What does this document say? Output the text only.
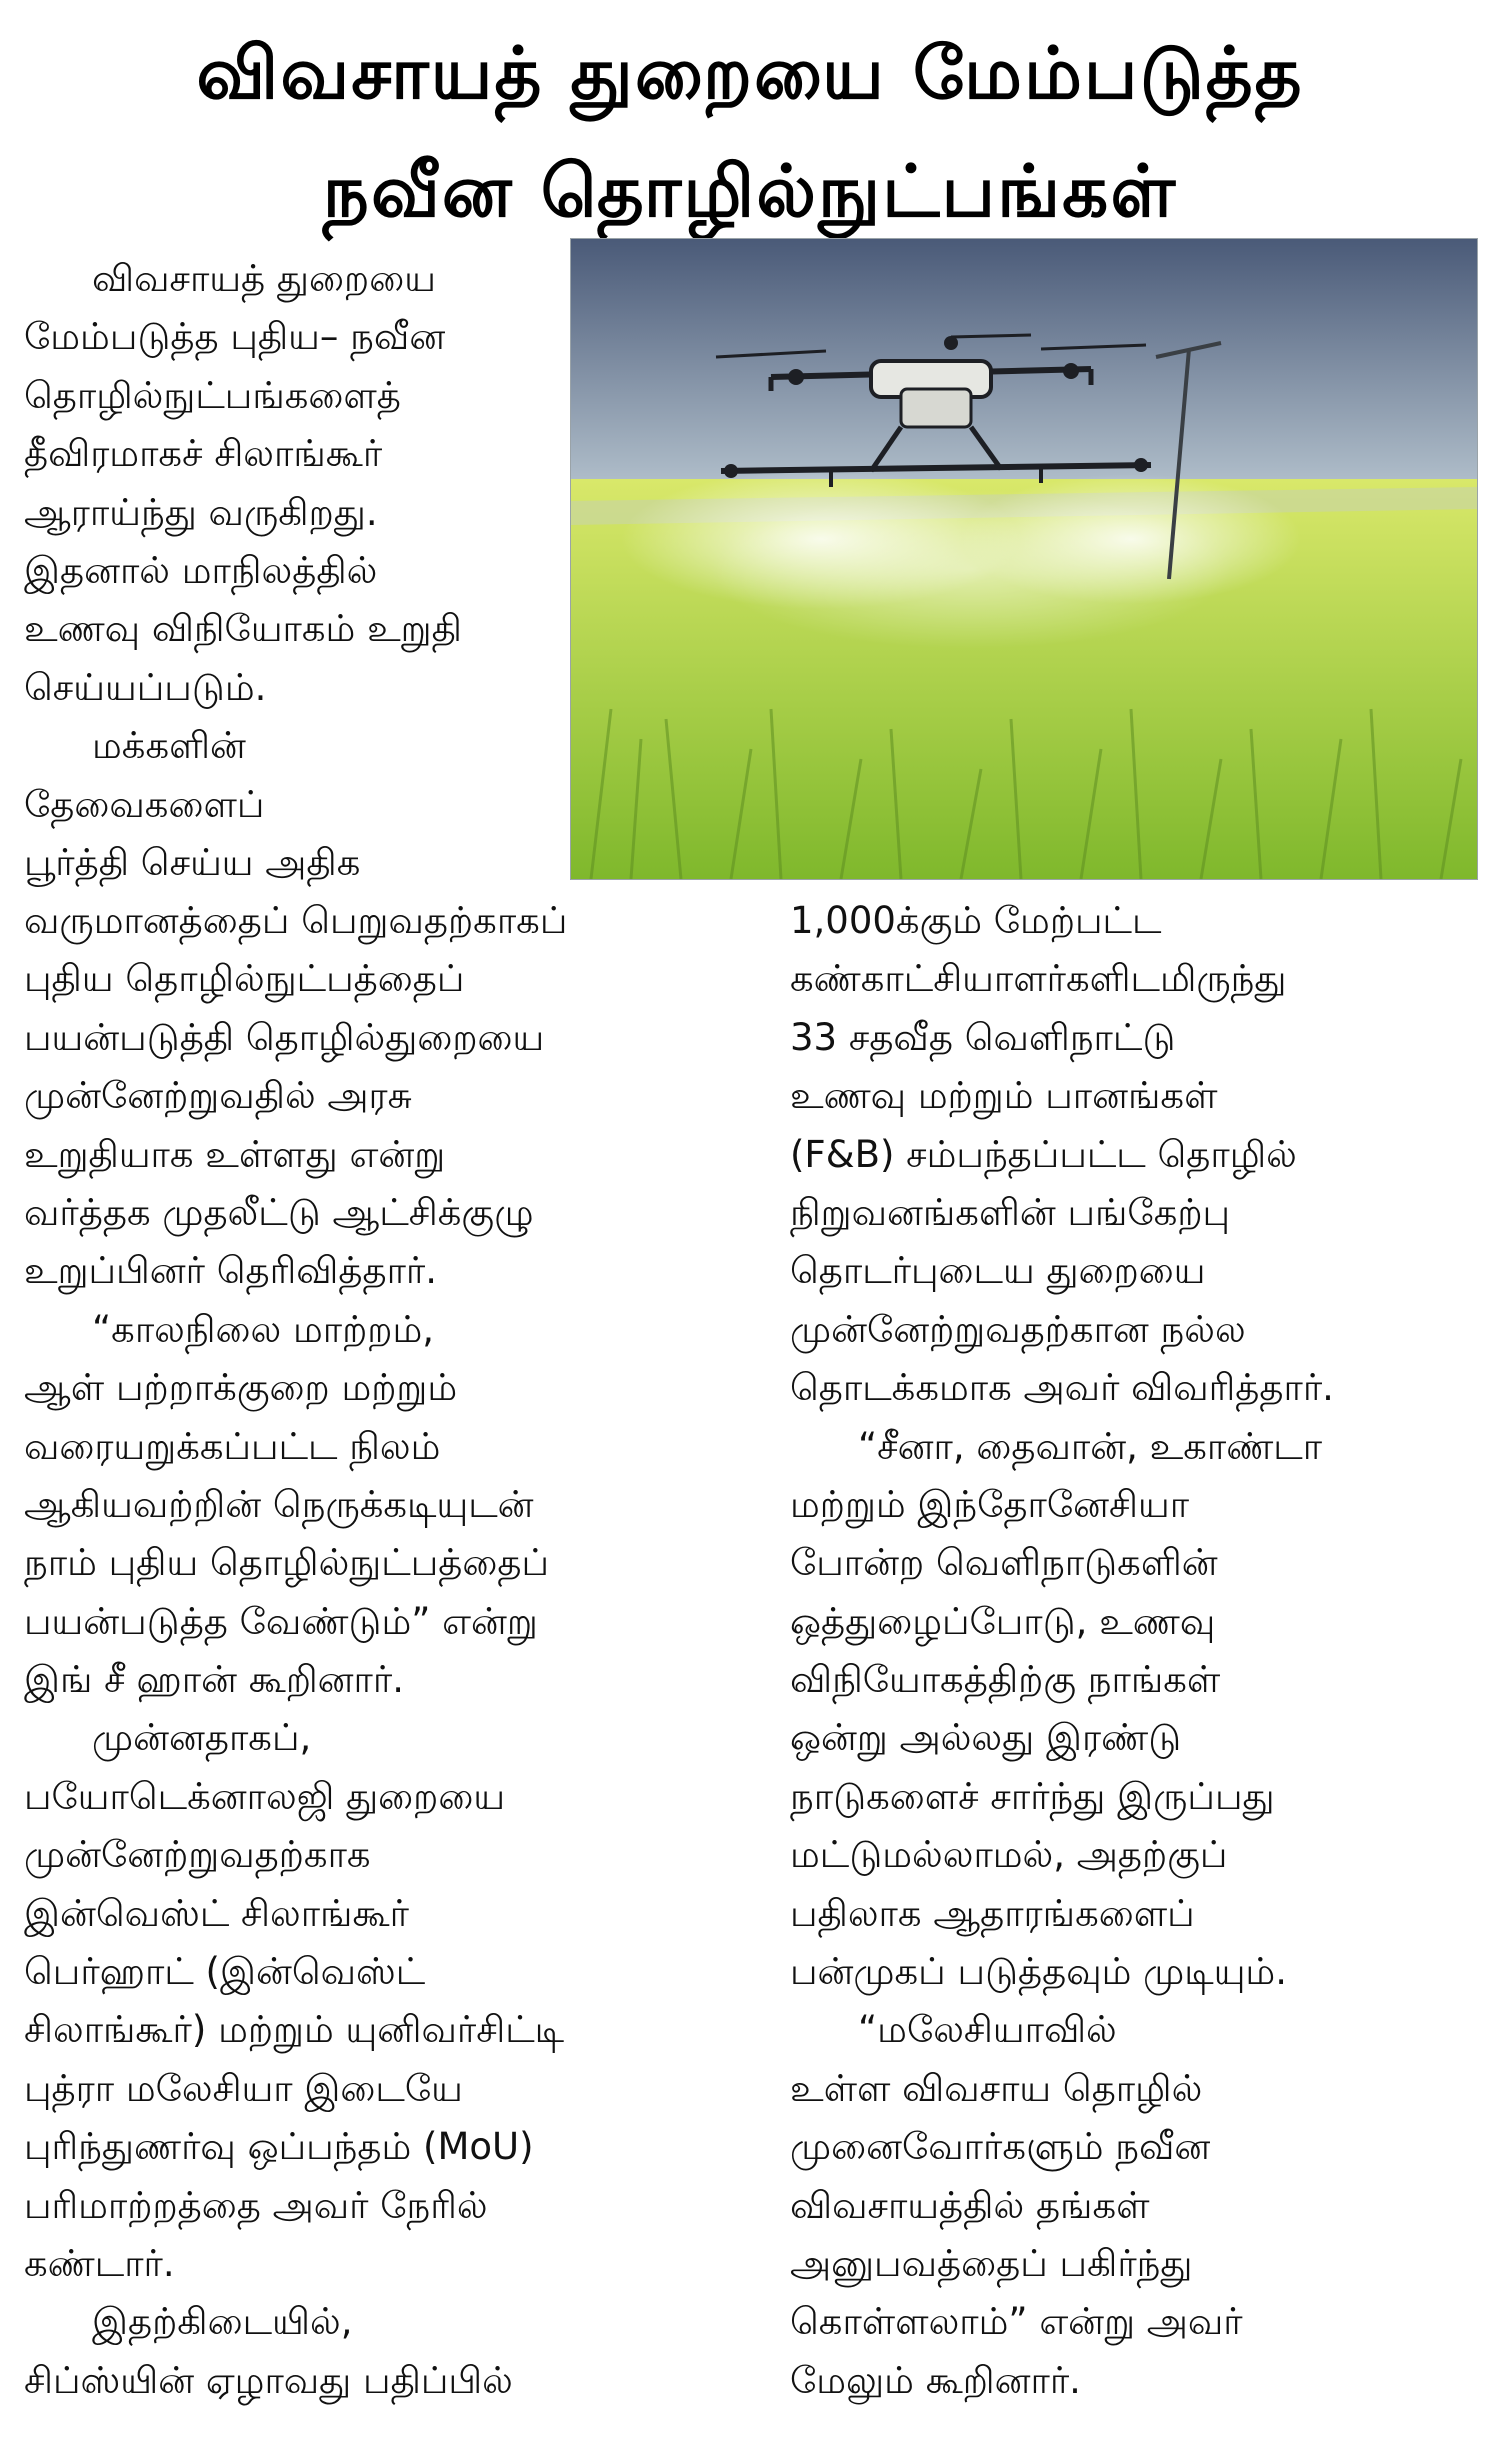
விவசாயத் துறையை மேம்படுத்த
நவீன தொழில்நுட்பங்கள்
விவசாயத் துறையை
மேம்படுத்த புதிய– நவீன
தொழில்நுட்பங்களைத்
தீவிரமாகச் சிலாங்கூர்
ஆராய்ந்து வருகிறது.
இதனால் மாநிலத்தில்
உணவு விநியோகம் உறுதி
செய்யப்படும்.
மக்களின்
தேவைகளைப்
பூர்த்தி செய்ய அதிக
வருமானத்தைப் பெறுவதற்காகப்
புதிய தொழில்நுட்பத்தைப்
பயன்படுத்தி தொழில்துறையை
முன்னேற்றுவதில் அரசு
உறுதியாக உள்ளது என்று
வர்த்தக முதலீட்டு ஆட்சிக்குழு
உறுப்பினர் தெரிவித்தார்.
“காலநிலை மாற்றம்,
ஆள் பற்றாக்குறை மற்றும்
வரையறுக்கப்பட்ட நிலம்
ஆகியவற்றின் நெருக்கடியுடன்
நாம் புதிய தொழில்நுட்பத்தைப்
பயன்படுத்த வேண்டும்” என்று
இங் சீ ஹான் கூறினார்.
முன்னதாகப்,
பயோடெக்னாலஜி துறையை
முன்னேற்றுவதற்காக
இன்வெஸ்ட் சிலாங்கூர்
பெர்ஹாட் (இன்வெஸ்ட்
சிலாங்கூர்) மற்றும் யுனிவர்சிட்டி
புத்ரா மலேசியா இடையே
புரிந்துணர்வு ஒப்பந்தம் (MoU)
பரிமாற்றத்தை அவர் நேரில்
கண்டார்.
இதற்கிடையில்,
சிப்ஸ்யின் ஏழாவது பதிப்பில்
1,000க்கும் மேற்பட்ட
கண்காட்சியாளர்களிடமிருந்து
33 சதவீத வெளிநாட்டு
உணவு மற்றும் பானங்கள்
(F&B) சம்பந்தப்பட்ட தொழில்
நிறுவனங்களின் பங்கேற்பு
தொடர்புடைய துறையை
முன்னேற்றுவதற்கான நல்ல
தொடக்கமாக அவர் விவரித்தார்.
“சீனா, தைவான், உகாண்டா
மற்றும் இந்தோனேசியா
போன்ற வெளிநாடுகளின்
ஒத்துழைப்போடு, உணவு
விநியோகத்திற்கு நாங்கள்
ஒன்று அல்லது இரண்டு
நாடுகளைச் சார்ந்து இருப்பது
மட்டுமல்லாமல், அதற்குப்
பதிலாக ஆதாரங்களைப்
பன்முகப் படுத்தவும் முடியும்.
“மலேசியாவில்
உள்ள விவசாய தொழில்
முனைவோர்களும் நவீன
விவசாயத்தில் தங்கள்
அனுபவத்தைப் பகிர்ந்து
கொள்ளலாம்” என்று அவர்
மேலும் கூறினார்.
